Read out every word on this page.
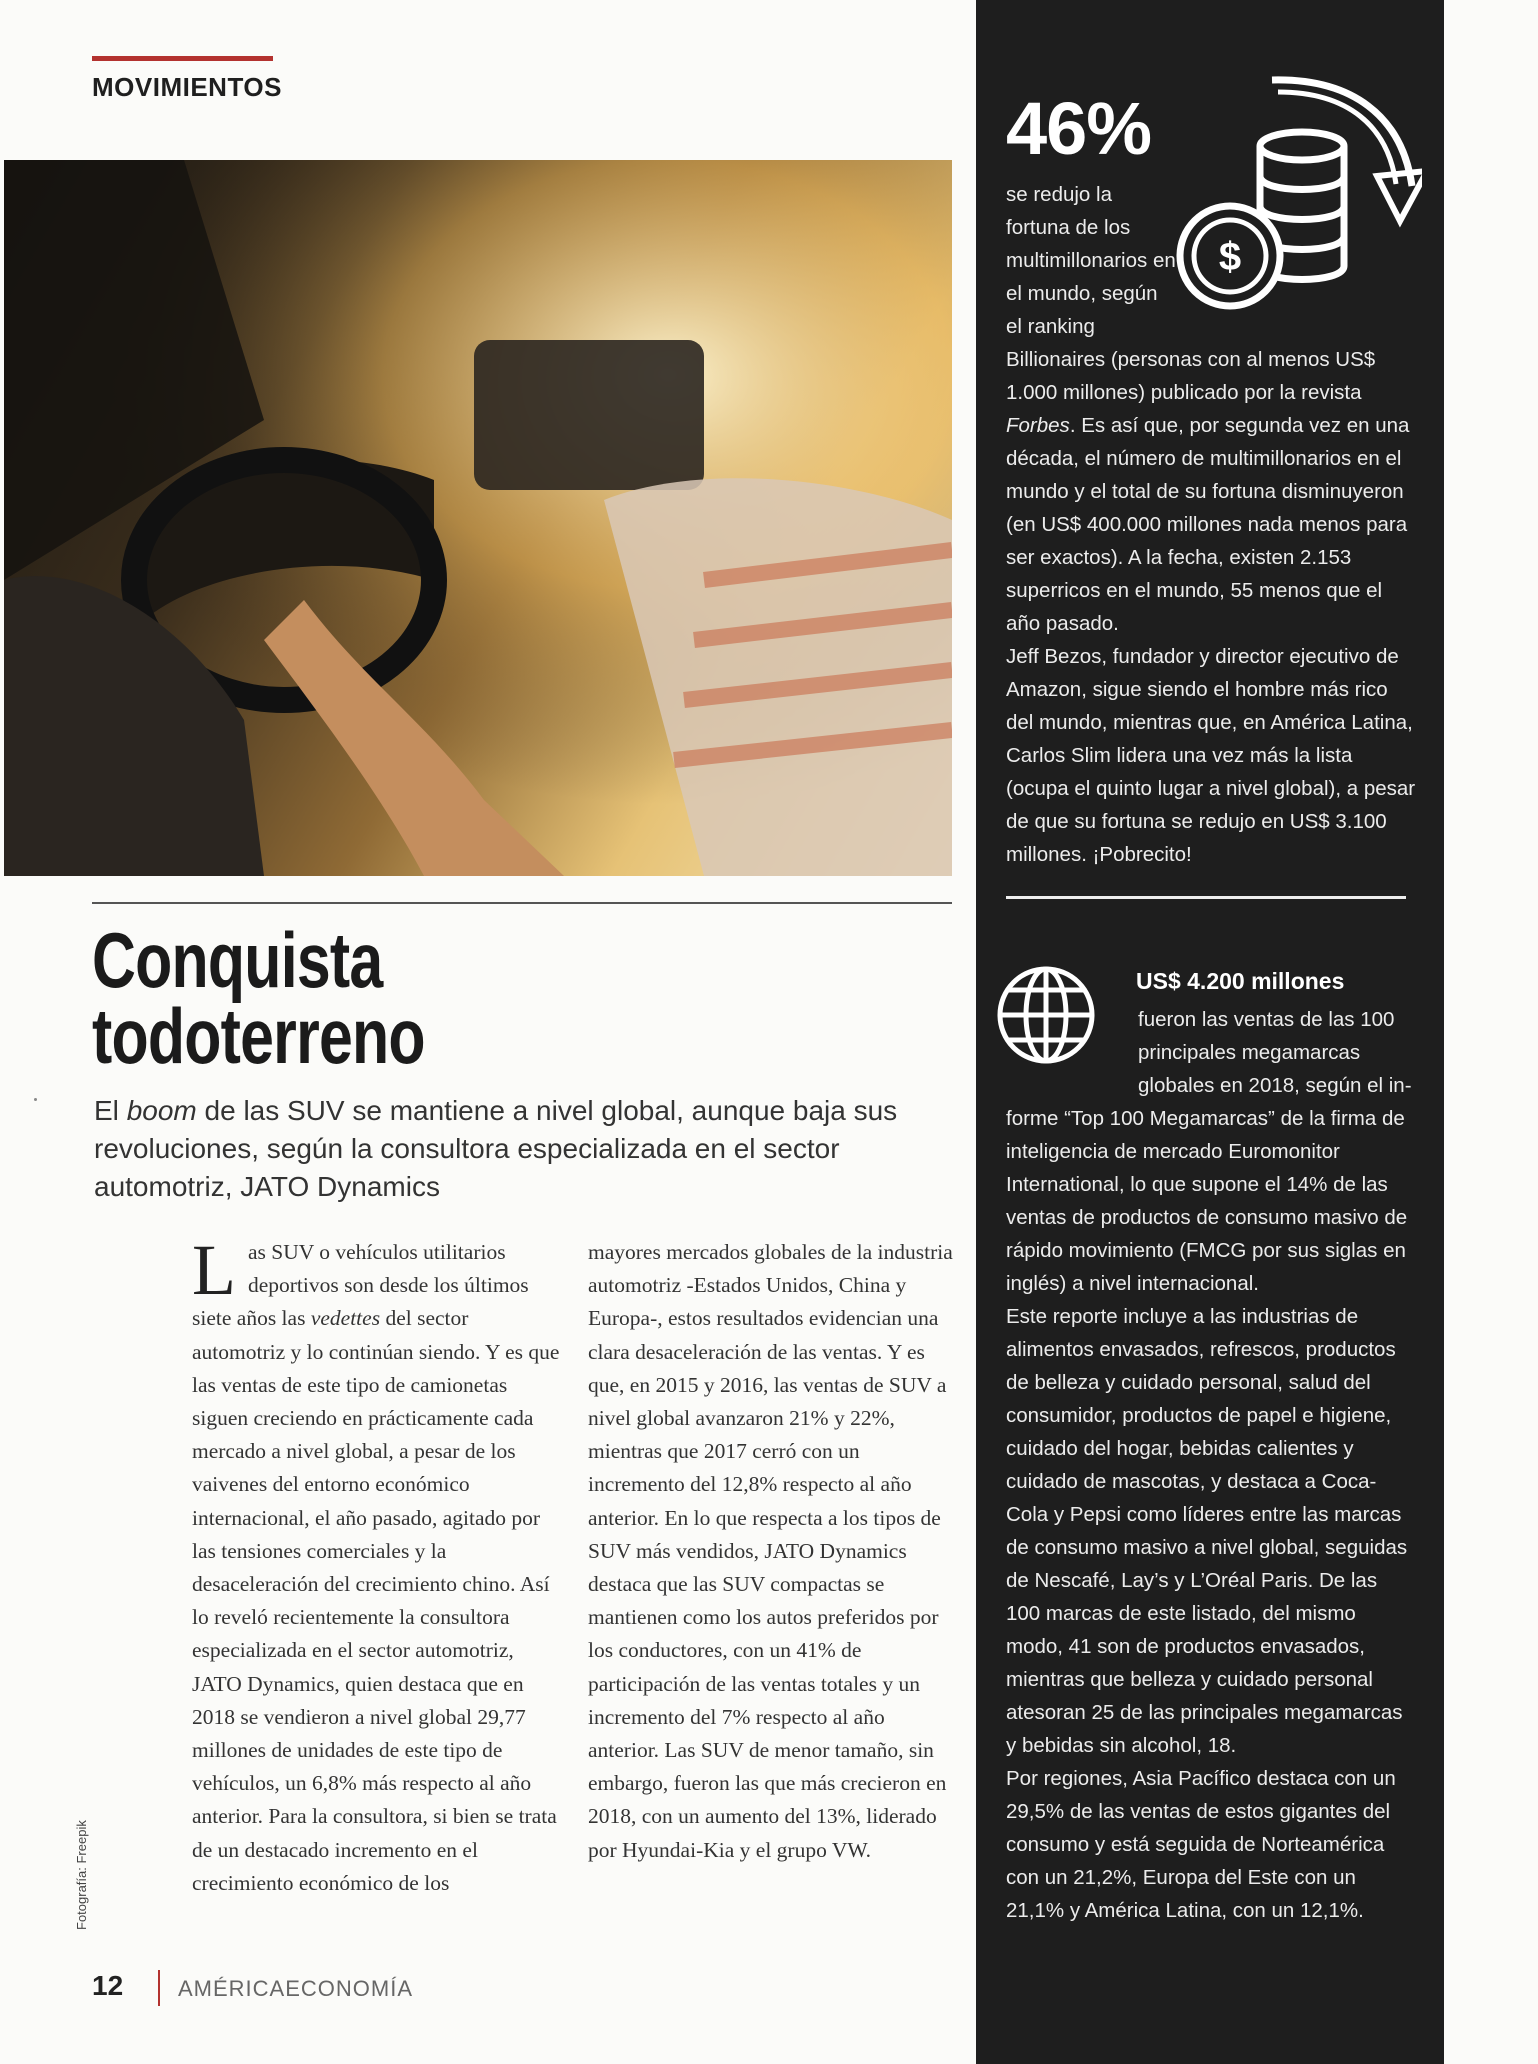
MOVIMIENTOS
Conquista
todoterreno
El boom de las SUV se mantiene a nivel global, aunque baja sus revoluciones, según la consultora especializada en el sector automotriz, JATO Dynamics
Las SUV o vehículos utilitarios deportivos son desde los últimos siete años las vedettes del sector automotriz y lo continúan siendo. Y es que las ventas de este tipo de camionetas siguen creciendo en prácticamente cada mercado a nivel global, a pesar de los vaivenes del entorno económico internacional, el año pasado, agitado por las tensiones comerciales y la desaceleración del crecimiento chino. Así lo reveló recientemente la consultora especializada en el sector automotriz, JATO Dynamics, quien destaca que en 2018 se vendieron a nivel global 29,77 millones de unidades de este tipo de vehículos, un 6,8% más respecto al año anterior. Para la consultora, si bien se trata de un destacado incremento en el crecimiento económico de los
mayores mercados globales de la industria automotriz -Estados Unidos, China y Europa-, estos resultados evidencian una clara desaceleración de las ventas. Y es que, en 2015 y 2016, las ventas de SUV a nivel global avanzaron 21% y 22%, mientras que 2017 cerró con un incremento del 12,8% respecto al año anterior. En lo que respecta a los tipos de SUV más vendidos, JATO Dynamics destaca que las SUV compactas se mantienen como los autos preferidos por los conductores, con un 41% de participación de las ventas totales y un incremento del 7% respecto al año anterior. Las SUV de menor tamaño, sin embargo, fueron las que más crecieron en 2018, con un aumento del 13%, liderado por Hyundai-Kia y el grupo VW.
Fotografía: Freepik
12 AMÉRICAECONOMÍA
46%
$
se redujo la fortuna de los multimillonarios en el mundo, según el ranking
Billionaires (personas con al menos US$ 1.000 millones) publicado por la revista Forbes. Es así que, por segunda vez en una década, el número de multimillonarios en el mundo y el total de su fortuna disminuyeron (en US$ 400.000 millones nada menos para ser exactos). A la fecha, existen 2.153 superricos en el mundo, 55 menos que el año pasado.
Jeff Bezos, fundador y director ejecutivo de Amazon, sigue siendo el hombre más rico del mundo, mientras que, en América Latina, Carlos Slim lidera una vez más la lista (ocupa el quinto lugar a nivel global), a pesar de que su fortuna se redujo en US$ 3.100 millones. ¡Pobrecito!
US$ 4.200 millones
fueron las ventas de las 100 principales megamarcas globales en 2018, según el in-
forme “Top 100 Megamarcas” de la firma de inteligencia de mercado Euromonitor International, lo que supone el 14% de las ventas de productos de consumo masivo de rápido movimiento (FMCG por sus siglas en inglés) a nivel internacional.
Este reporte incluye a las industrias de alimentos envasados, refrescos, productos de belleza y cuidado personal, salud del consumidor, productos de papel e higiene, cuidado del hogar, bebidas calientes y cuidado de mascotas, y destaca a Coca-Cola y Pepsi como líderes entre las marcas de consumo masivo a nivel global, seguidas de Nescafé, Lay’s y L’Oréal Paris. De las 100 marcas de este listado, del mismo modo, 41 son de productos envasados, mientras que belleza y cuidado personal atesoran 25 de las principales megamarcas y bebidas sin alcohol, 18.
Por regiones, Asia Pacífico destaca con un 29,5% de las ventas de estos gigantes del consumo y está seguida de Norteamérica con un 21,2%, Europa del Este con un 21,1% y América Latina, con un 12,1%.
